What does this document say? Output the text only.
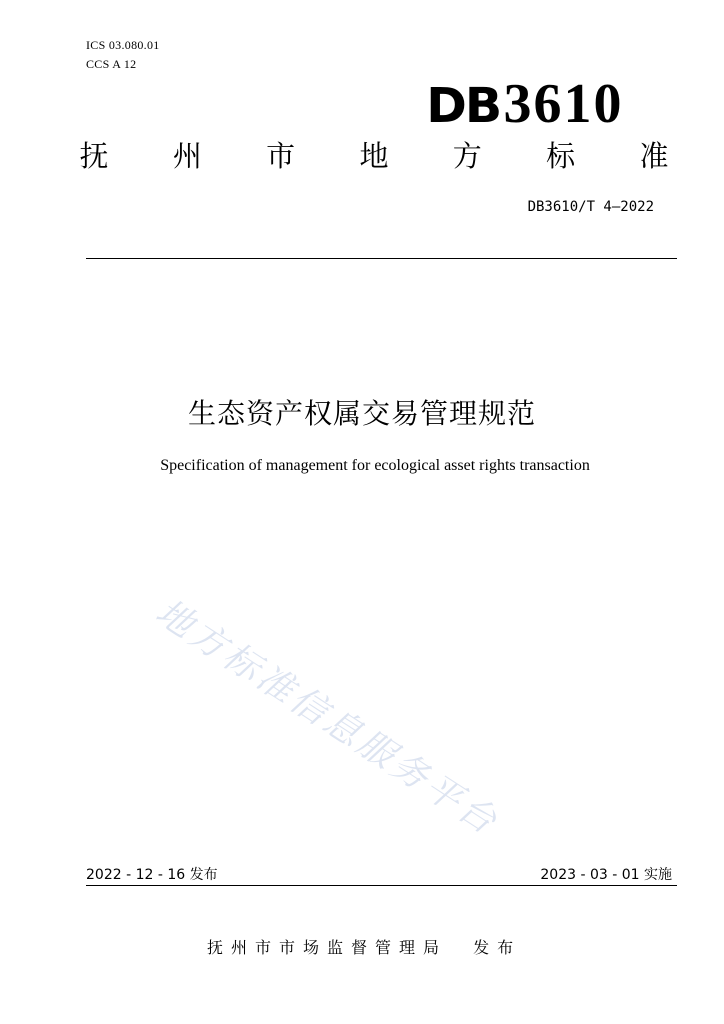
ICS 03.080.01
CCS A 12
DB 3610
抚 州 市 地 方 标 准
DB3610/T 4—2022
生态资产权属交易管理规范
Specification of management for ecological asset rights transaction
地方标准信息服务平台
2022 - 12 - 16 发布	2023 - 03 - 01 实施
抚州市市场监督管理局  发布
